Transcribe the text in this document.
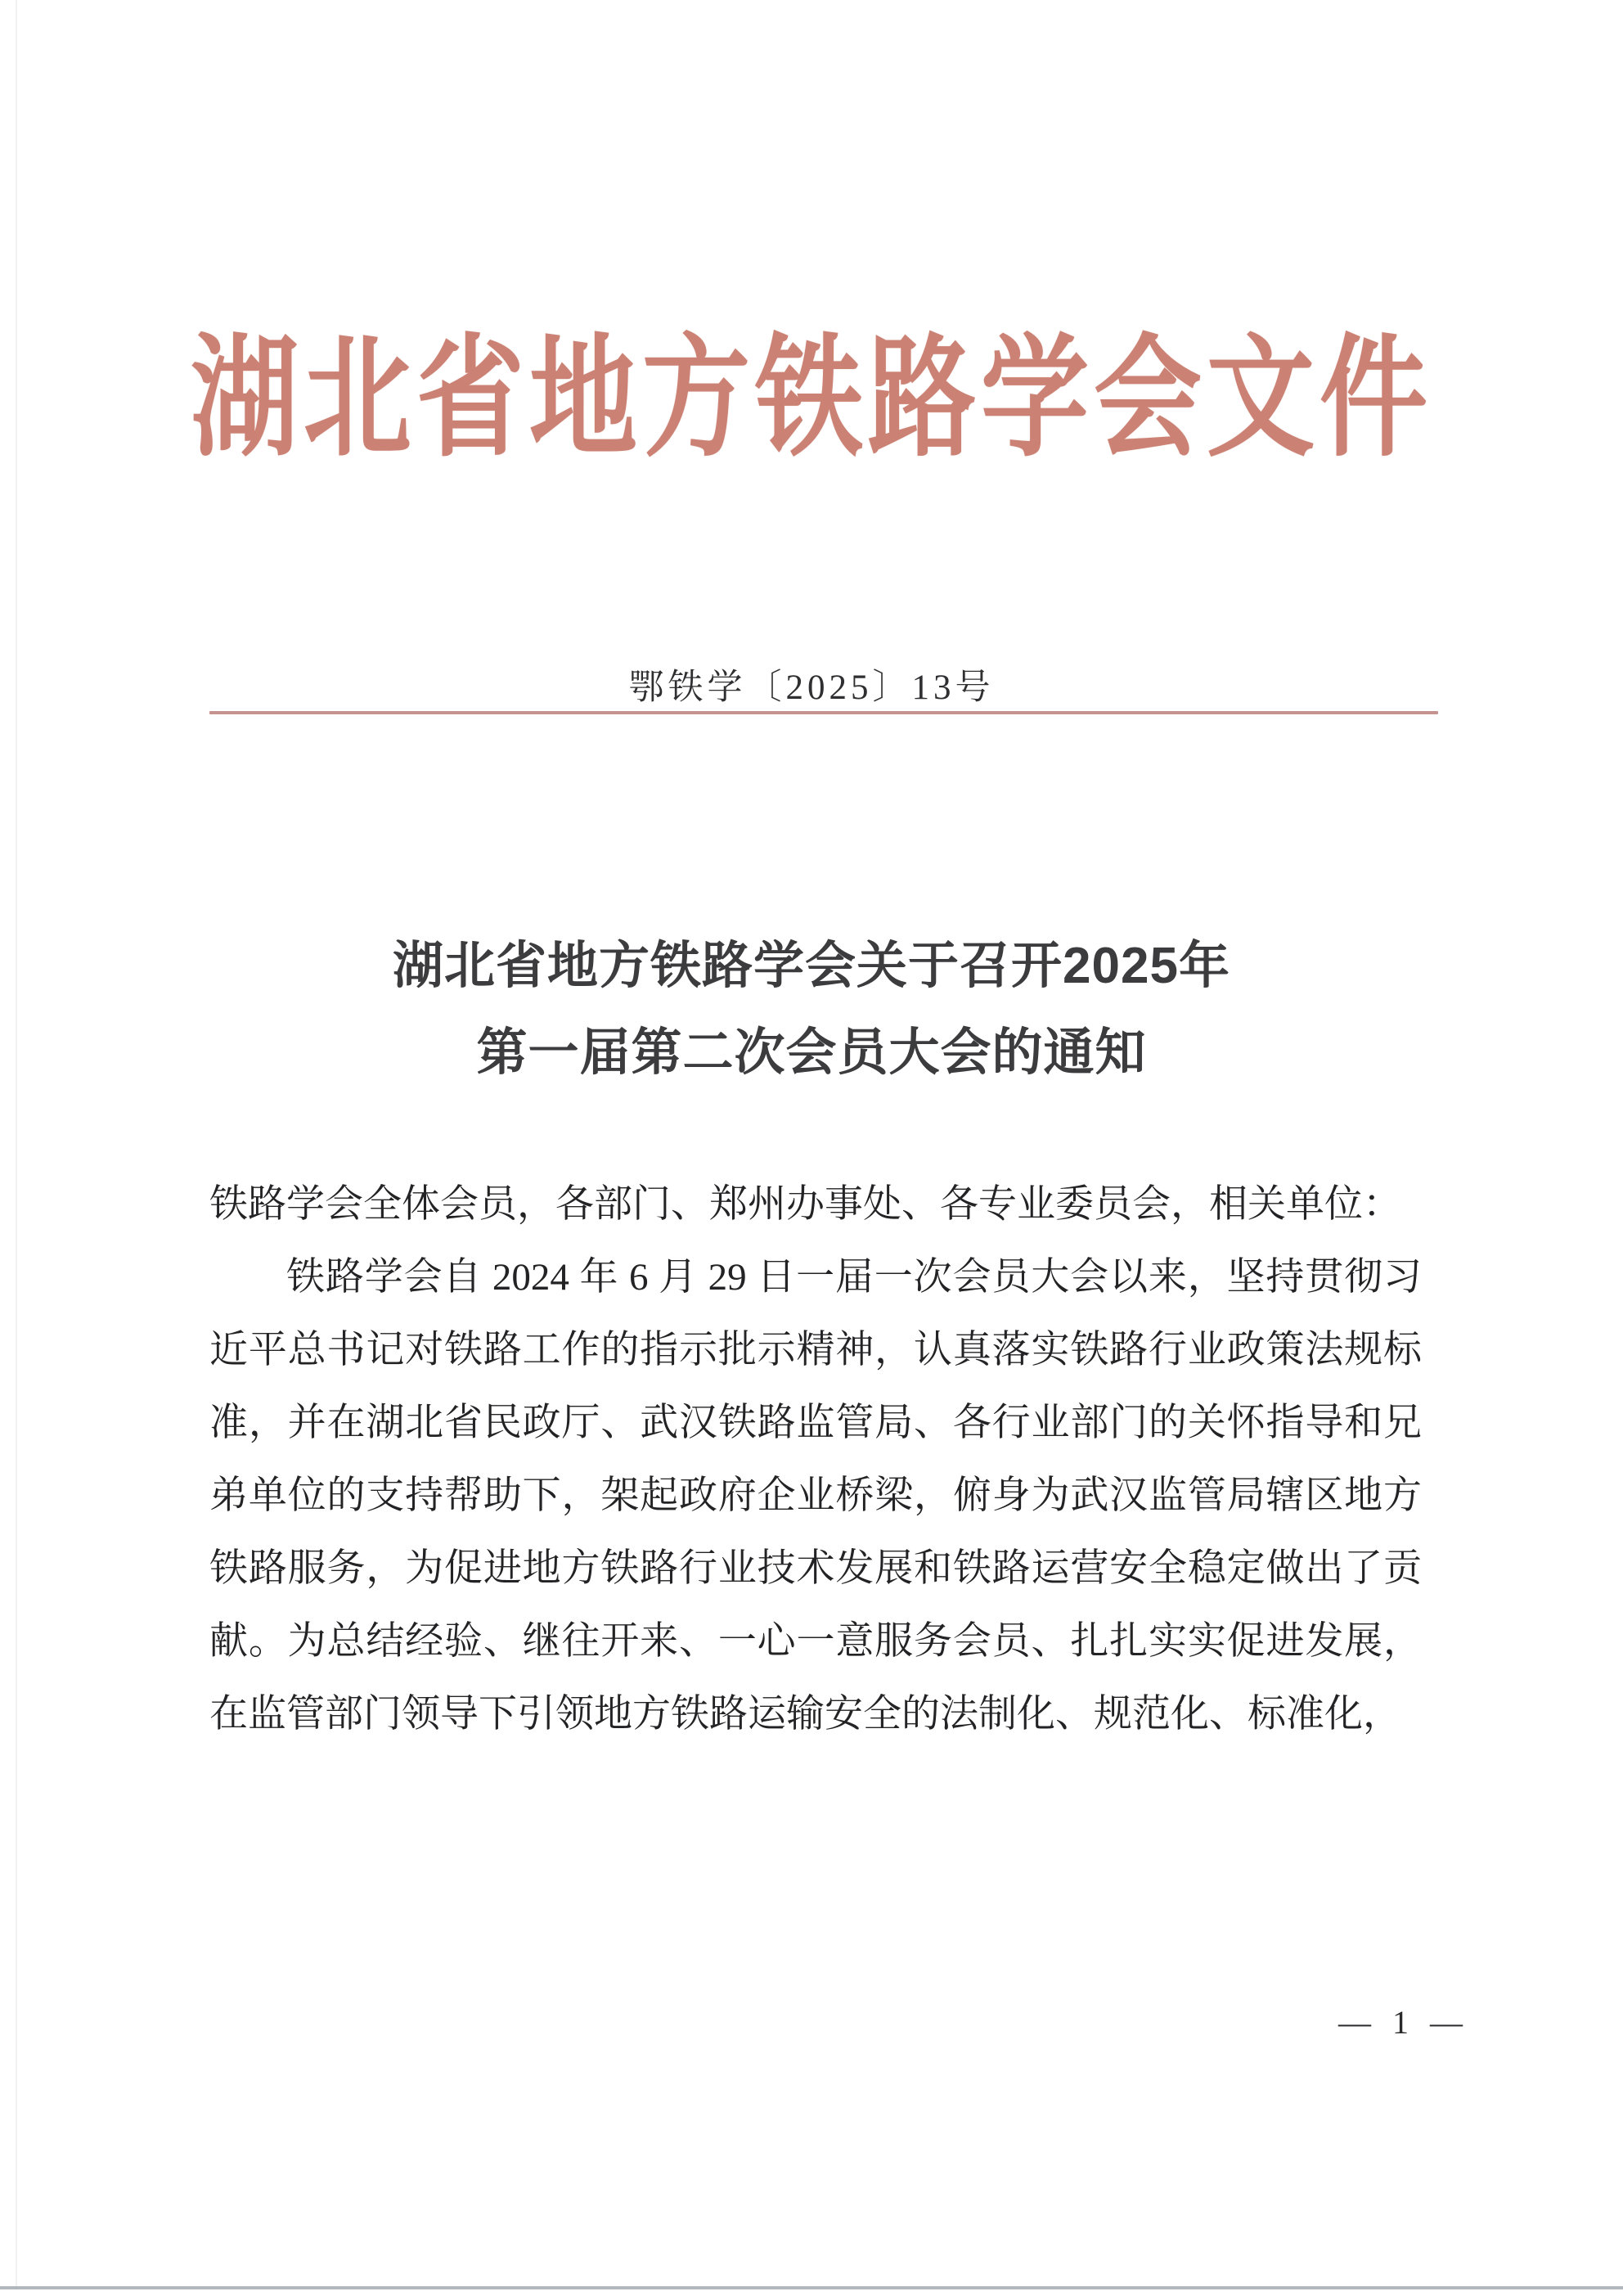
湖北省地方铁路学会文件
鄂铁学〔2025〕13号
湖北省地方铁路学会关于召开2025年
第一届第二次会员大会的通知

铁路学会全体会员，各部门、郑州办事处、各专业委员会，相关单位：

铁路学会自 2024 年 6 月 29 日一届一次会员大会以来，坚持贯彻习近平总书记对铁路工作的指示批示精神，认真落实铁路行业政策法规标准，并在湖北省民政厅、武汉铁路监管局、各行业部门的关怀指导和兄弟单位的支持帮助下，架起政府企业桥梁，俯身为武汉监管局辖区地方铁路服务，为促进地方铁路行业技术发展和铁路运营安全稳定做出了贡献。为总结经验、继往开来、一心一意服务会员、扎扎实实促进发展，在监管部门领导下引领地方铁路运输安全的法制化、规范化、标准化，

— 1 —
